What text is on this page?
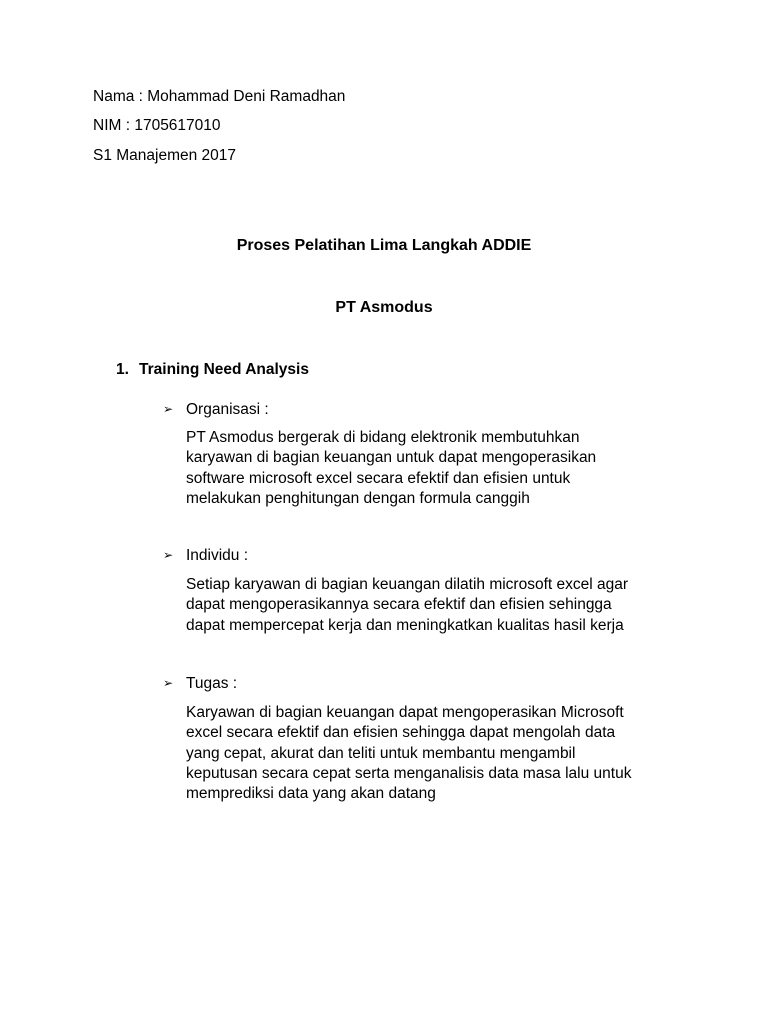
Nama : Mohammad Deni Ramadhan
NIM : 1705617010
S1 Manajemen 2017
Proses Pelatihan Lima Langkah ADDIE
PT Asmodus
1. Training Need Analysis
➢ Organisasi :
PT Asmodus bergerak di bidang elektronik membutuhkan
karyawan di bagian keuangan untuk dapat mengoperasikan
software microsoft excel secara efektif dan efisien untuk
melakukan penghitungan dengan formula canggih
➢ Individu :
Setiap karyawan di bagian keuangan dilatih microsoft excel agar
dapat mengoperasikannya secara efektif dan efisien sehingga
dapat mempercepat kerja dan meningkatkan kualitas hasil kerja
➢ Tugas :
Karyawan di bagian keuangan dapat mengoperasikan Microsoft
excel secara efektif dan efisien sehingga dapat mengolah data
yang cepat, akurat dan teliti untuk membantu mengambil
keputusan secara cepat serta menganalisis data masa lalu untuk
memprediksi data yang akan datang
